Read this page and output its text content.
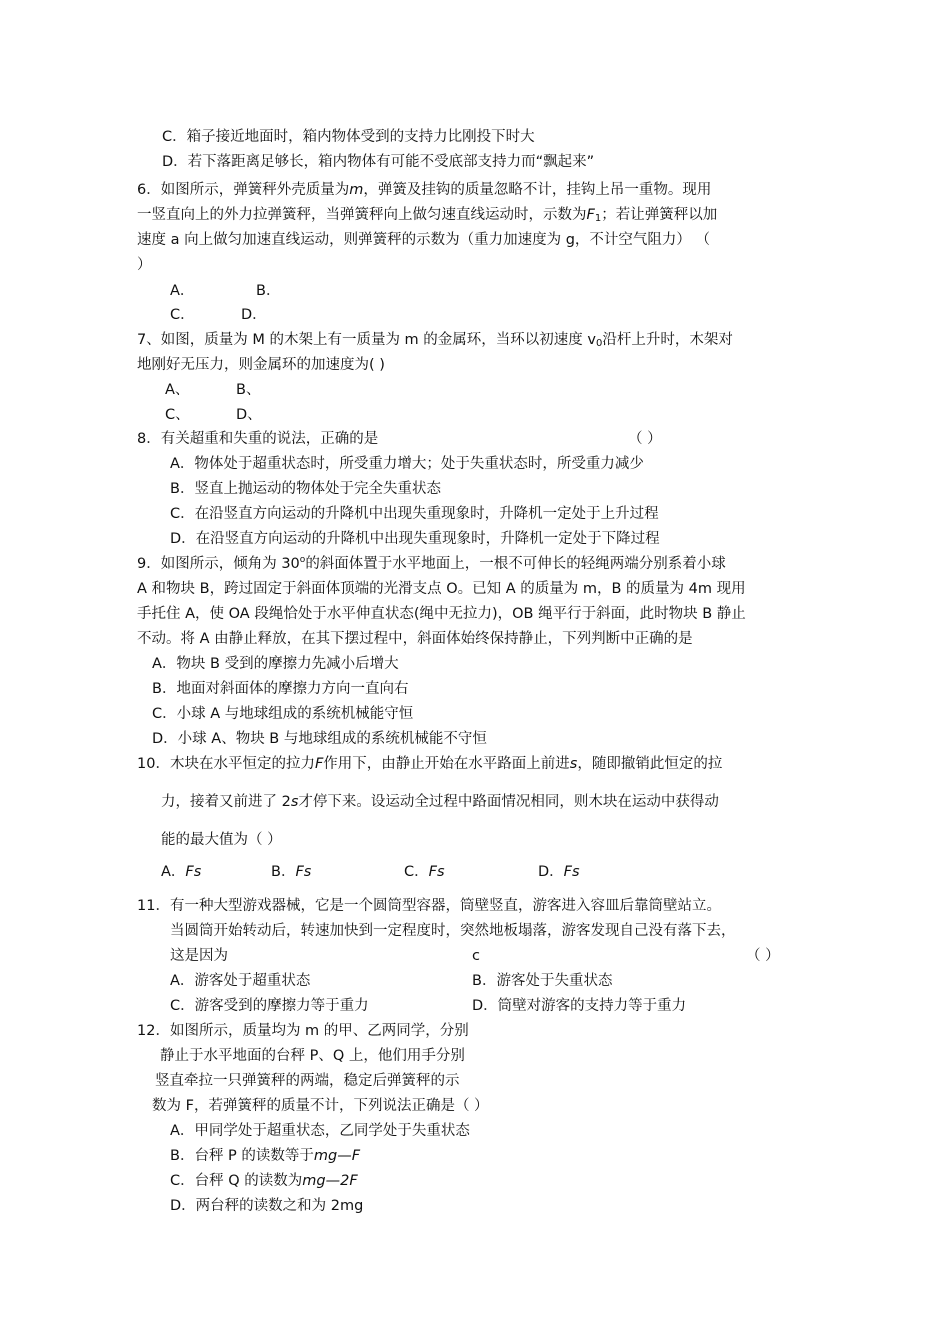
C．箱子接近地面时，箱内物体受到的支持力比刚投下时大
D．若下落距离足够长，箱内物体有可能不受底部支持力而“飘起来”
6．如图所示，弹簧秤外壳质量为m，弹簧及挂钩的质量忽略不计，挂钩上吊一重物。现用
一竖直向上的外力拉弹簧秤，当弹簧秤向上做匀速直线运动时，示数为$F_1$；若让弹簧秤以加
速度 a 向上做匀加速直线运动，则弹簧秤的示数为（重力加速度为 g，不计空气阻力） （
）
A．	B．
C．	D．
7、如图，质量为 M 的木架上有一质量为 m 的金属环，当环以初速度 $v_0$沿杆上升时，木架对
地刚好无压力，则金属环的加速度为( )
A、	B、
C、	D、
8．有关超重和失重的说法，正确的是	（ ）
A．物体处于超重状态时，所受重力增大；处于失重状态时，所受重力减少
B．竖直上抛运动的物体处于完全失重状态
C．在沿竖直方向运动的升降机中出现失重现象时，升降机一定处于上升过程
D．在沿竖直方向运动的升降机中出现失重现象时，升降机一定处于下降过程
9．如图所示，倾角为 30$^o$的斜面体置于水平地面上，一根不可伸长的轻绳两端分别系着小球
A 和物块 B，跨过固定于斜面体顶端的光滑支点 O。已知 A 的质量为 m，B 的质量为 4m 现用
手托住 A，使 OA 段绳恰处于水平伸直状态(绳中无拉力)，OB 绳平行于斜面，此时物块 B 静止
不动。将 A 由静止释放，在其下摆过程中，斜面体始终保持静止，下列判断中正确的是
A．物块 B 受到的摩擦力先减小后增大
B．地面对斜面体的摩擦力方向一直向右
C．小球 A 与地球组成的系统机械能守恒
D．小球 A、物块 B 与地球组成的系统机械能不守恒
10．木块在水平恒定的拉力F作用下，由静止开始在水平路面上前进s，随即撤销此恒定的拉
力，接着又前进了 2s才停下来。设运动全过程中路面情况相同，则木块在运动中获得动
能的最大值为（ ）
A．Fs	B．Fs	C．Fs	D．Fs
11．有一种大型游戏器械，它是一个圆筒型容器，筒壁竖直，游客进入容皿后靠筒壁站立。
当圆筒开始转动后，转速加快到一定程度时，突然地板塌落，游客发现自己没有落下去，
这是因为	c	（ ）
A．游客处于超重状态	B．游客处于失重状态
C．游客受到的摩擦力等于重力	D．筒壁对游客的支持力等于重力
12．如图所示，质量均为 m 的甲、乙两同学，分别
静止于水平地面的台秤 P、Q 上，他们用手分别
竖直牵拉一只弹簧秤的两端，稳定后弹簧秤的示
数为 F，若弹簧秤的质量不计，下列说法正确是（ ）
A．甲同学处于超重状态，乙同学处于失重状态
B．台秤 P 的读数等于mg—F
C．台秤 Q 的读数为mg—2F
D．两台秤的读数之和为 2mg
